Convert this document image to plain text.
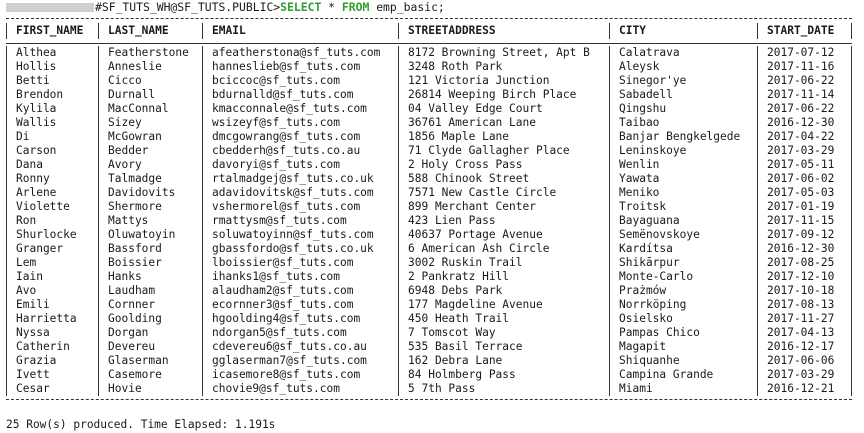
#SF_TUTS_WH@SF_TUTS.PUBLIC>SELECT * FROM emp_basic;
FIRST_NAME	LAST_NAME	EMAIL	STREETADDRESS	CITY	START_DATE
Althea	Featherstone	afeatherstona@sf_tuts.com	8172 Browning Street, Apt B	Calatrava	2017-07-12
Hollis	Anneslie	hanneslieb@sf_tuts.com	3248 Roth Park	Aleysk	2017-11-16
Betti	Cicco	bciccoc@sf_tuts.com	121 Victoria Junction	Sinegor'ye	2017-06-22
Brendon	Durnall	bdurnalld@sf_tuts.com	26814 Weeping Birch Place	Sabadell	2017-11-14
Kylila	MacConnal	kmacconnale@sf_tuts.com	04 Valley Edge Court	Qingshu	2017-06-22
Wallis	Sizey	wsizeyf@sf_tuts.com	36761 American Lane	Taibao	2016-12-30
Di	McGowran	dmcgowrang@sf_tuts.com	1856 Maple Lane	Banjar Bengkelgede	2017-04-22
Carson	Bedder	cbedderh@sf_tuts.co.au	71 Clyde Gallagher Place	Leninskoye	2017-03-29
Dana	Avory	davoryi@sf_tuts.com	2 Holy Cross Pass	Wenlin	2017-05-11
Ronny	Talmadge	rtalmadgej@sf_tuts.co.uk	588 Chinook Street	Yawata	2017-06-02
Arlene	Davidovits	adavidovitsk@sf_tuts.com	7571 New Castle Circle	Meniko	2017-05-03
Violette	Shermore	vshermorel@sf_tuts.com	899 Merchant Center	Troitsk	2017-01-19
Ron	Mattys	rmattysm@sf_tuts.com	423 Lien Pass	Bayaguana	2017-11-15
Shurlocke	Oluwatoyin	soluwatoyinn@sf_tuts.com	40637 Portage Avenue	Semënovskoye	2017-09-12
Granger	Bassford	gbassfordo@sf_tuts.co.uk	6 American Ash Circle	Kardítsa	2016-12-30
Lem	Boissier	lboissier@sf_tuts.com	3002 Ruskin Trail	Shikārpur	2017-08-25
Iain	Hanks	ihanks1@sf_tuts.com	2 Pankratz Hill	Monte-Carlo	2017-12-10
Avo	Laudham	alaudham2@sf_tuts.com	6948 Debs Park	Prażmów	2017-10-18
Emili	Cornner	ecornner3@sf_tuts.com	177 Magdeline Avenue	Norrköping	2017-08-13
Harrietta	Goolding	hgoolding4@sf_tuts.com	450 Heath Trail	Osielsko	2017-11-27
Nyssa	Dorgan	ndorgan5@sf_tuts.com	7 Tomscot Way	Pampas Chico	2017-04-13
Catherin	Devereu	cdevereu6@sf_tuts.co.au	535 Basil Terrace	Magapit	2016-12-17
Grazia	Glaserman	gglaserman7@sf_tuts.com	162 Debra Lane	Shiquanhe	2017-06-06
Ivett	Casemore	icasemore8@sf_tuts.com	84 Holmberg Pass	Campina Grande	2017-03-29
Cesar	Hovie	chovie9@sf_tuts.com	5 7th Pass	Miami	2016-12-21
25 Row(s) produced. Time Elapsed: 1.191s
